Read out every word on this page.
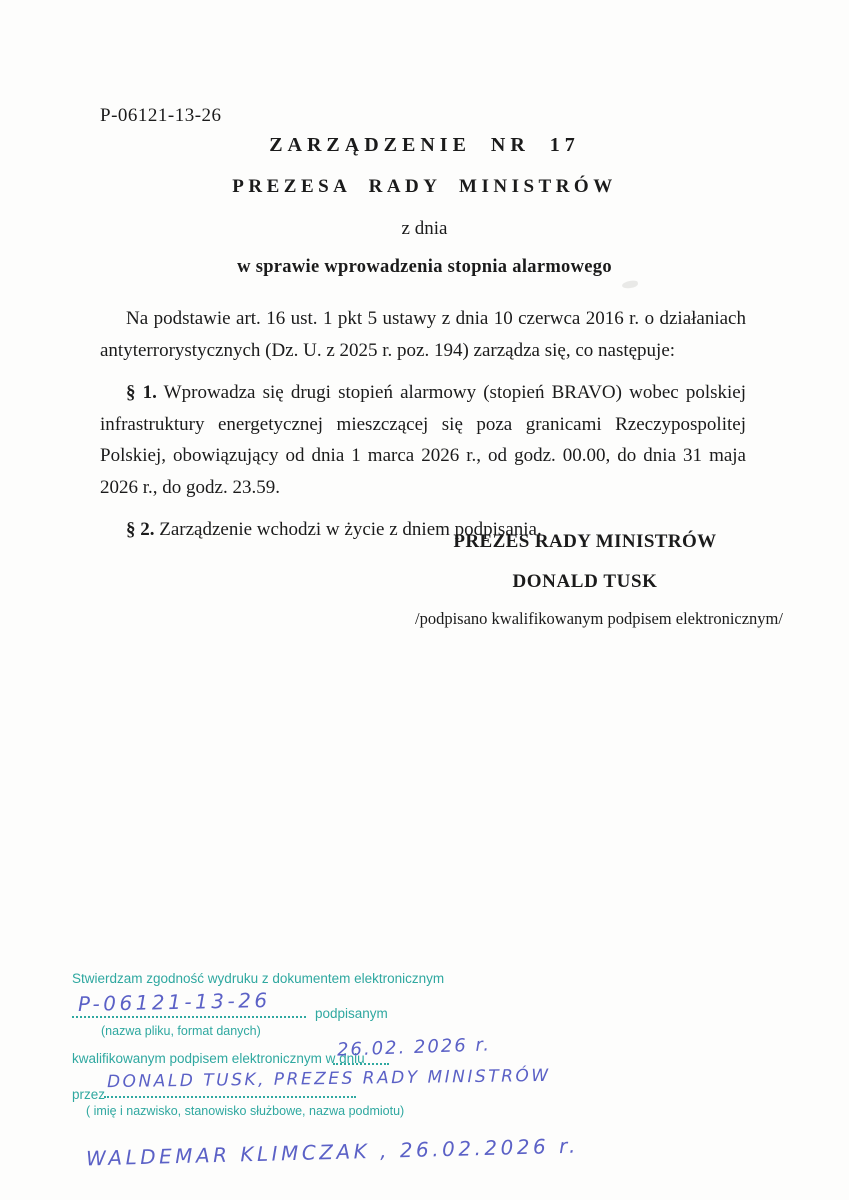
P-06121-13-26
ZARZĄDZENIE NR 17
PREZESA RADY MINISTRÓW
z dnia
w sprawie wprowadzenia stopnia alarmowego

Na podstawie art. 16 ust. 1 pkt 5 ustawy z dnia 10 czerwca 2016 r. o działaniach antyterrorystycznych (Dz. U. z 2025 r. poz. 194) zarządza się, co następuje:

§ 1. Wprowadza się drugi stopień alarmowy (stopień BRAVO) wobec polskiej infrastruktury energetycznej mieszczącej się poza granicami Rzeczypospolitej Polskiej, obowiązujący od dnia 1 marca 2026 r., od godz. 00.00, do dnia 31 maja 2026 r., do godz. 23.59.

§ 2. Zarządzenie wchodzi w życie z dniem podpisania.

PREZES RADY MINISTRÓW
DONALD TUSK
/podpisano kwalifikowanym podpisem elektronicznym/
Stwierdzam zgodność wydruku z dokumentem elektronicznym
P-06121-13-26	podpisanym
(nazwa pliku, format danych)
kwalifikowanym podpisem elektronicznym w dniu
26.02. 2026 r.
przez
DONALD TUSK, PREZES RADY MINISTRÓW
( imię i nazwisko, stanowisko służbowe, nazwa podmiotu)
WALDEMAR KLIMCZAK , 26.02.2026 r.
